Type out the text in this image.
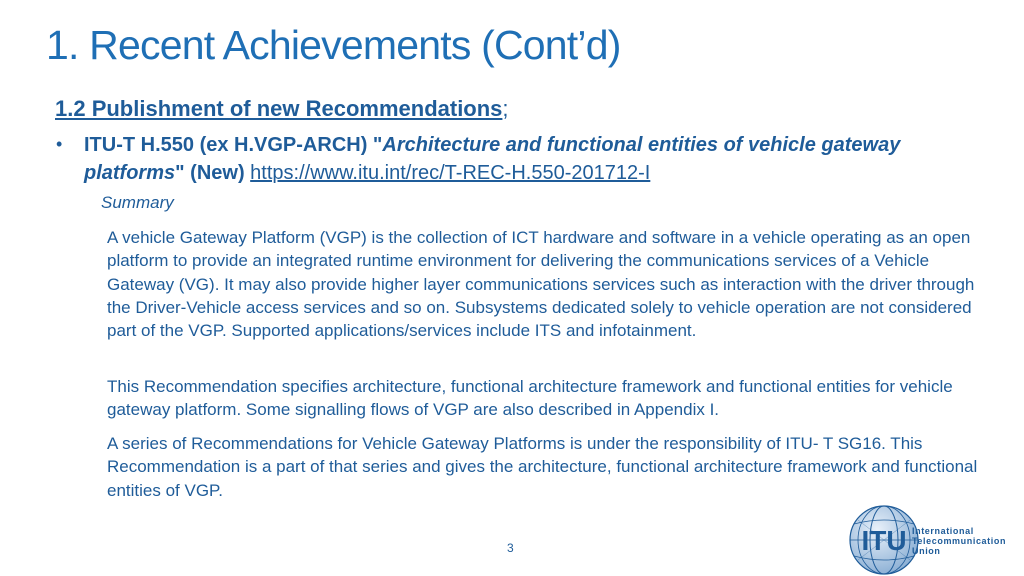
1. Recent Achievements (Cont’d)
1.2 Publishment of new Recommendations;
• ITU-T H.550 (ex H.VGP-ARCH) "Architecture and functional entities of vehicle gateway platforms" (New) https://www.itu.int/rec/T-REC-H.550-201712-I
Summary
A vehicle Gateway Platform (VGP) is the collection of ICT hardware and software in a vehicle operating as an open platform to provide an integrated runtime environment for delivering the communications services of a Vehicle Gateway (VG). It may also provide higher layer communications services such as interaction with the driver through the Driver-Vehicle access services and so on. Subsystems dedicated solely to vehicle operation are not considered part of the VGP. Supported applications/services include ITS and infotainment.
This Recommendation specifies architecture, functional architecture framework and functional entities for vehicle gateway platform. Some signalling flows of VGP are also described in Appendix I.
A series of Recommendations for Vehicle Gateway Platforms is under the responsibility of ITU- T SG16. This Recommendation is a part of that series and gives the architecture, functional architecture framework and functional entities of VGP.
3	ITU International
Telecommunication
Union
